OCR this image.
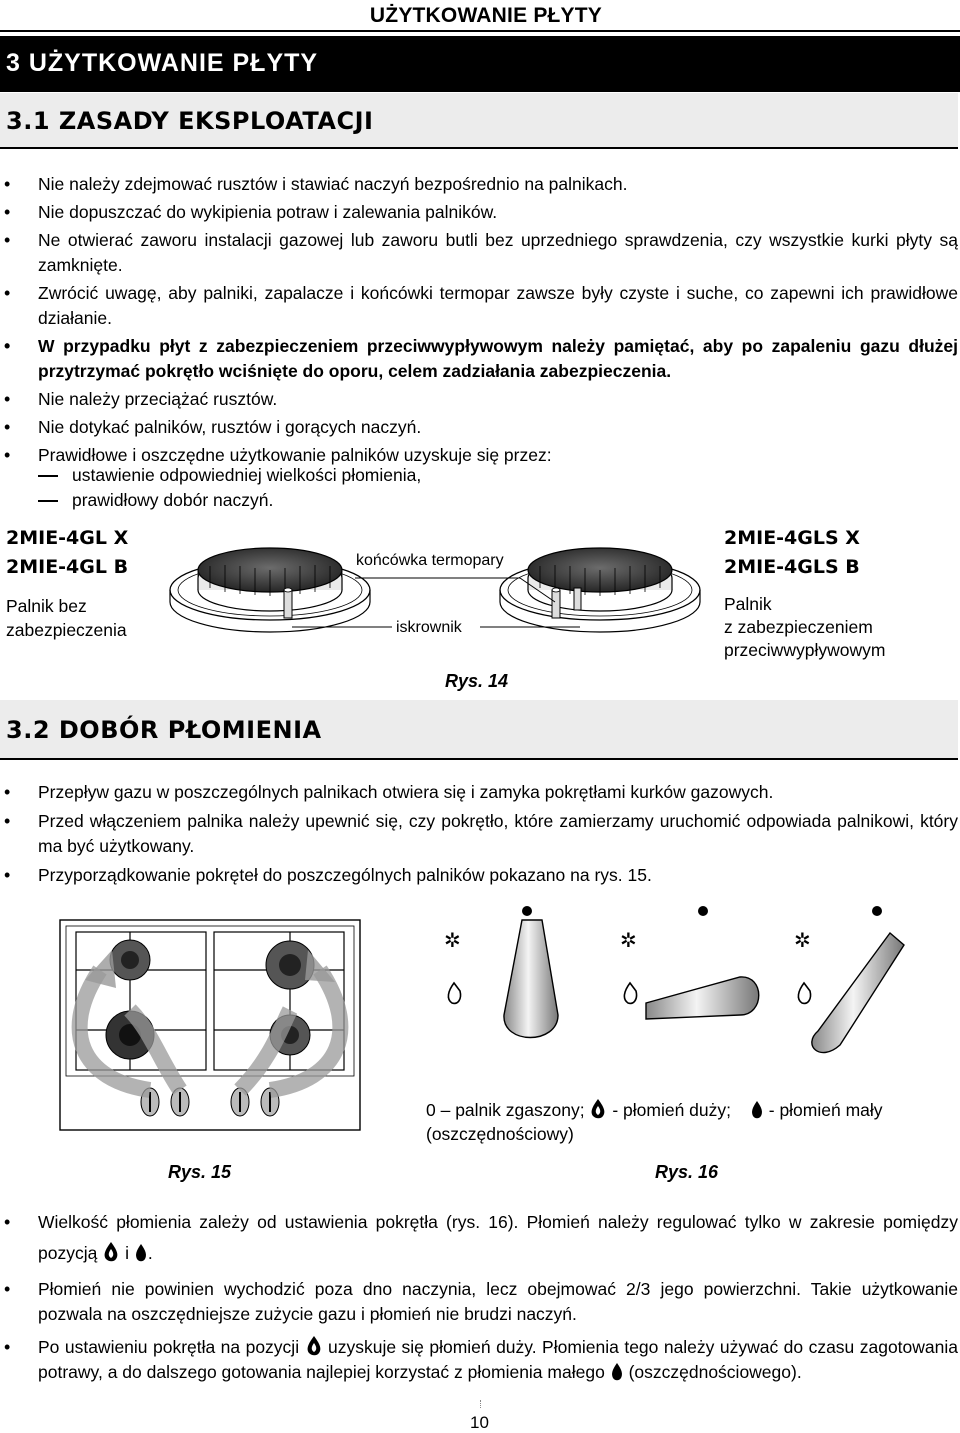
UŻYTKOWANIE PŁYTY
3 UŻYTKOWANIE PŁYTY
3.1 ZASADY EKSPLOATACJI
• Nie należy zdejmować rusztów i stawiać naczyń bezpośrednio na palnikach.
• Nie dopuszczać do wykipienia potraw i zalewania palników.
• Ne otwierać zaworu instalacji gazowej lub zaworu butli bez uprzedniego sprawdzenia, czy wszystkie kurki płyty są zamknięte.
• Zwrócić uwagę, aby palniki, zapalacze i końcówki termopar zawsze były czyste i suche, co zapewni ich prawidłowe działanie.
• W przypadku płyt z zabezpieczeniem przeciwwypływowym należy pamiętać, aby po zapaleniu gazu dłużej przytrzymać pokrętło wciśnięte do oporu, celem zadziałania zabezpieczenia.
• Nie należy przeciążać rusztów.
• Nie dotykać palników, rusztów i gorących naczyń.
• Prawidłowe i oszczędne użytkowanie palników uzyskuje się przez:
ustawienie odpowiedniej wielkości płomienia,
prawidłowy dobór naczyń.
2MIE-4GL X
2MIE-4GL B
Palnik bez
zabezpieczenia
2MIE-4GLS X
2MIE-4GLS B
Palnik
z zabezpieczeniem
przeciwwypływowym
końcówka termopary
iskrownik
Rys. 14
3.2 DOBÓR PŁOMIENIA
• Przepływ gazu w poszczególnych palnikach otwiera się i zamyka pokrętłami kurków gazowych.
• Przed włączeniem palnika należy upewnić się, czy pokrętło, które zamierzamy uruchomić odpowiada palnikowi, który ma być użytkowany.
• Przyporządkowanie pokręteł do poszczególnych palników pokazano na rys. 15.
Rys. 15
✲	✲	✲
0 – palnik zgaszony; - płomień duży; - płomień mały
(oszczędnościowy)
Rys. 16
• Wielkość płomienia zależy od ustawienia pokrętła (rys. 16). Płomień należy regulować tylko w zakresie pomiędzy pozycją i .
• Płomień nie powinien wychodzić poza dno naczynia, lecz obejmować 2/3 jego powierzchni. Takie użytkowanie pozwala na oszczędniejsze zużycie gazu i płomień nie brudzi naczyń.
• Po ustawieniu pokrętła na pozycji uzyskuje się płomień duży. Płomienia tego należy używać do czasu zagotowania potrawy, a do dalszego gotowania najlepiej korzystać z płomienia małego (oszczędnościowego).
10
